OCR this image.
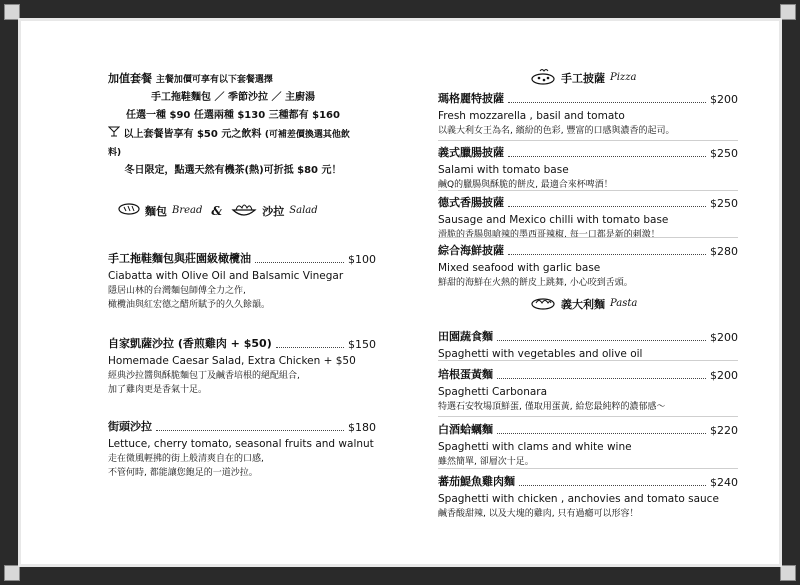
加值套餐 主餐加價可享有以下套餐選擇
手工拖鞋麵包 ／ 季節沙拉 ／ 主廚湯
任選一種 $90 任選兩種 $130 三種都有 $160
以上套餐皆享有 $50 元之飲料 (可補差價換選其他飲料)
冬日限定，點選天然有機茶(熱)可折抵 $80 元！
麵包 Bread &	沙拉 Salad
手工拖鞋麵包與莊園級橄欖油	$100
Ciabatta with Olive Oil and Balsamic Vinegar
隱居山林的台灣麵包師傅全力之作,
橄欖油與紅宏德之醋所賦予的久久餘韻。
自家凱薩沙拉 (香煎雞肉 + $50)	$150
Homemade Caesar Salad, Extra Chicken + $50
經典沙拉醬與酥脆麵包丁及鹹香培根的絕配組合,
加了雞肉更是香氣十足。
街頭沙拉	$180
Lettuce, cherry tomato, seasonal fruits and walnut
走在微風輕拂的街上般清爽自在的口感,
不管何時, 都能讓您飽足的一道沙拉。
手工披薩 Pizza
瑪格麗特披薩	$200
Fresh mozzarella , basil and tomato
以義大利女王為名, 繽紛的色彩, 豐富的口感與濃香的起司。
義式臘腸披薩	$250
Salami with tomato base
鹹Q的臘腸與酥脆的餅皮, 最適合來杯啤酒！
德式香腸披薩	$250
Sausage and Mexico chilli with tomato base
滑脆的香腸與嗆辣的墨西哥辣椒, 每一口都是新的刺激！
綜合海鮮披薩	$280
Mixed seafood with garlic base
鮮甜的海鮮在火熱的餅皮上跳舞, 小心咬到舌頭。
義大利麵 Pasta
田園蔬食麵	$200
Spaghetti with vegetables and olive oil
培根蛋黃麵	$200
Spaghetti Carbonara
特選石安牧場頂鮮蛋, 僅取用蛋黃, 給您最純粹的濃郁感～
白酒蛤蠣麵	$220
Spaghetti with clams and white wine
雖然簡單, 卻層次十足。
蕃茄鯷魚雞肉麵	$240
Spaghetti with chicken , anchovies and tomato sauce
鹹香酸甜辣, 以及大塊的雞肉, 只有過癮可以形容！
